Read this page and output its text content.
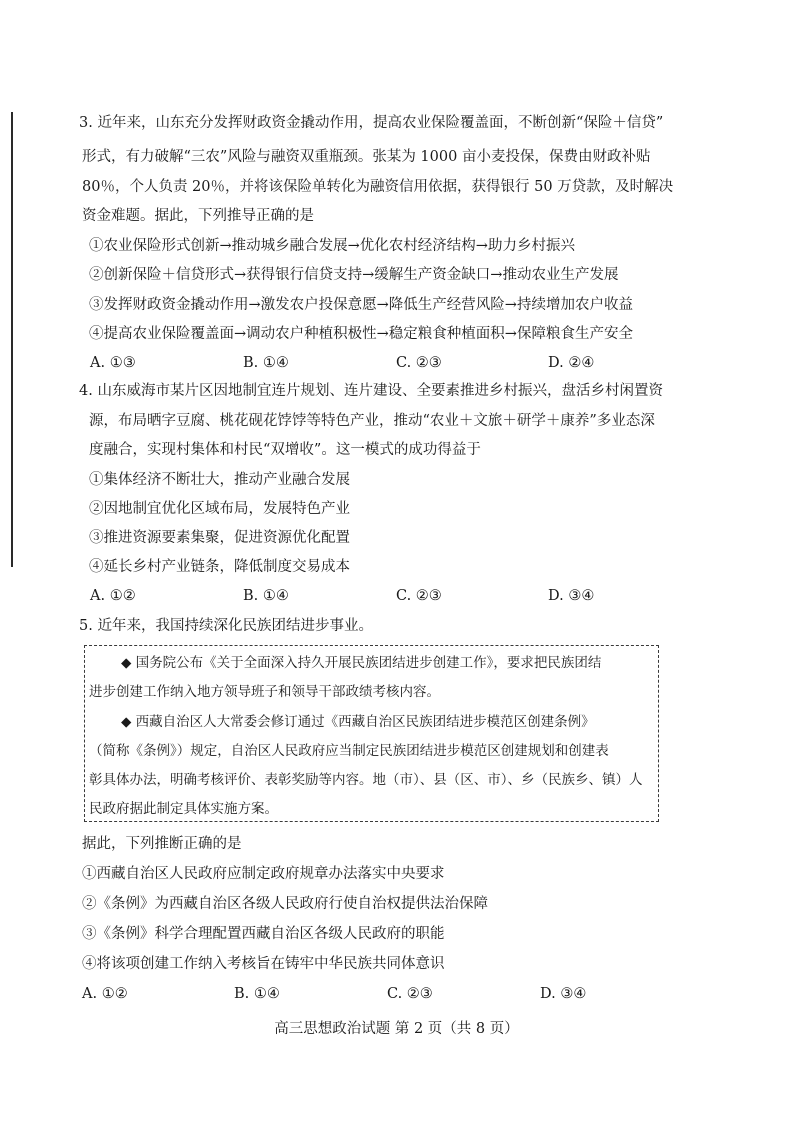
3. 近年来，山东充分发挥财政资金撬动作用，提高农业保险覆盖面，不断创新“保险＋信贷”
形式，有力破解“三农”风险与融资双重瓶颈。张某为 1000 亩小麦投保，保费由财政补贴
80％，个人负责 20％，并将该保险单转化为融资信用依据，获得银行 50 万贷款，及时解决
资金难题。据此，下列推导正确的是
①农业保险形式创新→推动城乡融合发展→优化农村经济结构→助力乡村振兴
②创新保险＋信贷形式→获得银行信贷支持→缓解生产资金缺口→推动农业生产发展
③发挥财政资金撬动作用→激发农户投保意愿→降低生产经营风险→持续增加农户收益
④提高农业保险覆盖面→调动农户种植积极性→稳定粮食种植面积→保障粮食生产安全
A. ①③	B. ①④	C. ②③	D. ②④
4. 山东威海市某片区因地制宜连片规划、连片建设、全要素推进乡村振兴，盘活乡村闲置资
源，布局晒字豆腐、桃花砚花饽饽等特色产业，推动“农业＋文旅＋研学＋康养”多业态深
度融合，实现村集体和村民“双增收”。这一模式的成功得益于
①集体经济不断壮大，推动产业融合发展
②因地制宜优化区域布局，发展特色产业
③推进资源要素集聚，促进资源优化配置
④延长乡村产业链条，降低制度交易成本
A. ①②	B. ①④	C. ②③	D. ③④
5. 近年来，我国持续深化民族团结进步事业。
◆ 国务院公布《关于全面深入持久开展民族团结进步创建工作》，要求把民族团结
进步创建工作纳入地方领导班子和领导干部政绩考核内容。
◆ 西藏自治区人大常委会修订通过《西藏自治区民族团结进步模范区创建条例》
（简称《条例》）规定，自治区人民政府应当制定民族团结进步模范区创建规划和创建表
彰具体办法，明确考核评价、表彰奖励等内容。地（市）、县（区、市）、乡（民族乡、镇）人
民政府据此制定具体实施方案。
据此，下列推断正确的是
①西藏自治区人民政府应制定政府规章办法落实中央要求
②《条例》为西藏自治区各级人民政府行使自治权提供法治保障
③《条例》科学合理配置西藏自治区各级人民政府的职能
④将该项创建工作纳入考核旨在铸牢中华民族共同体意识
A. ①②	B. ①④	C. ②③	D. ③④
高三思想政治试题 第 2 页（共 8 页）
